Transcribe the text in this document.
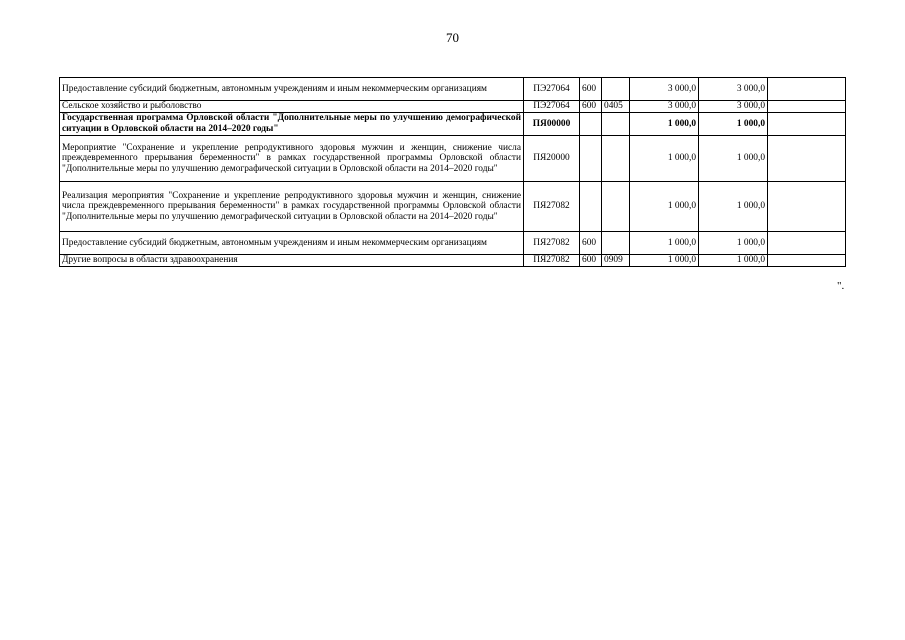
70
Предоставление субсидий бюджетным, автономным учреждениям и иным некоммерческим организациям	ПЭ27064	600		3 000,0	3 000,0	
Сельское хозяйство и рыболовство	ПЭ27064	600	0405	3 000,0	3 000,0	
Государственная программа Орловской области "Дополнительные меры по улучшению демографической ситуации в Орловской области на 2014–2020 годы"	ПЯ00000			1 000,0	1 000,0	
Мероприятие "Сохранение и укрепление репродуктивного здоровья мужчин и женщин, снижение числа преждевременного прерывания беременности" в рамках государственной программы Орловской области "Дополнительные меры по улучшению демографической ситуации в Орловской области на 2014–2020 годы"	ПЯ20000			1 000,0	1 000,0	
Реализация мероприятия "Сохранение и укрепление репродуктивного здоровья мужчин и женщин, снижение числа преждевременного прерывания беременности" в рамках государственной программы Орловской области "Дополнительные меры по улучшению демографической ситуации в Орловской области на 2014–2020 годы"	ПЯ27082			1 000,0	1 000,0	
Предоставление субсидий бюджетным, автономным учреждениям и иным некоммерческим организациям	ПЯ27082	600		1 000,0	1 000,0	
Другие вопросы в области здравоохранения	ПЯ27082	600	0909	1 000,0	1 000,0	
".
